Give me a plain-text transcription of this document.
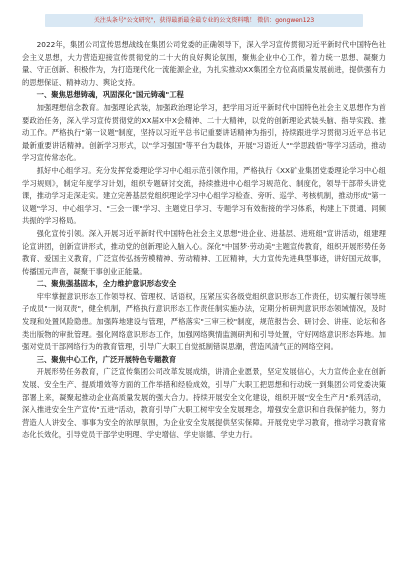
关注头条号"公文研究"，获得最新最全最专业的公文资料哦！ 微信：gongwen123

2022年，集团公司宣传思想战线在集团公司党委的正确领导下，深入学习宣传贯彻习近平新时代中国特色社会主义思想，大力营造迎接宣传贯彻党的二十大的良好舆论氛围，聚焦企业中心工作，着力统一思想、凝聚力量、守正创新、积极作为，为打造现代化一流能源企业，为扎实推动XX集团全方位高质量发展前进，提供强有力的思想保证、精神动力、舆论支持。

一、聚焦思想铸魂，巩固深化"国元铸魂"工程

加强理想信念教育。加强理论武装，加强政治理论学习，把学用习近平新时代中国特色社会主义思想作为首要政治任务，深入学习宣传贯彻党的XX届X中X会精神、二十大精神，以党的创新理论武装头脑、指导实践、推动工作。严格执行"第一议题"制度，坚持以习近平总书记重要讲话精神为指引，持续跟进学习贯彻习近平总书记最新重要讲话精神。创新学习形式，以"学习强国"等平台为载体，开展"习语近人""学思践悟"等学习活动，推动学习宣传常态化。

抓好中心组学习。充分发挥党委理论学习中心组示范引领作用，严格执行《XX矿业集团党委理论学习中心组学习规则》，制定年度学习计划，组织专题研讨交流，持续推进中心组学习规范化、制度化，领导干部带头讲党课，推动学习走深走实。建立完善基层党组织理论学习中心组学习检查、旁听、巡学、考核机制，推动形成"第一议题"学习、中心组学习、"三会一课"学习、主题党日学习、专题学习有效衔接的学习体系，构建上下贯通、同频共振的学习格局。

强化宣传引领。深入开展习近平新时代中国特色社会主义思想"进企业、进基层、进班组"宣讲活动，组建理论宣讲团，创新宣讲形式，推动党的创新理论入脑入心。深化"中国梦·劳动美"主题宣传教育，组织开展形势任务教育、爱国主义教育，广泛宣传弘扬劳模精神、劳动精神、工匠精神，大力宣传先进典型事迹，讲好国元故事，传播国元声音，凝聚干事创业正能量。

二、聚焦强基固本，全力维护意识形态安全

牢牢掌握意识形态工作领导权、管理权、话语权，压紧压实各级党组织意识形态工作责任，切实履行领导班子成员"一岗双责"，健全机制，严格执行意识形态工作责任制实施办法，定期分析研判意识形态领域情况，及时发现和处置风险隐患。加强阵地建设与管理，严格落实"三审三校"制度，规范报告会、研讨会、讲座、论坛和各类出版物的审批管理。强化网络意识形态工作，加强网络舆情监测研判和引导处置，守好网络意识形态阵地。加强对党员干部网络行为的教育管理，引导广大职工自觉抵制错误思潮，营造风清气正的网络空间。

三、聚焦中心工作，广泛开展特色专题教育

开展形势任务教育，广泛宣传集团公司改革发展成绩，讲清企业愿景，坚定发展信心，大力宣传企业在创新发展、安全生产、提质增效等方面的工作举措和经验成效，引导广大职工把思想和行动统一到集团公司党委决策部署上来，凝聚起推动企业高质量发展的强大合力。持续开展安全文化建设，组织开展"安全生产月"系列活动，深入推进安全生产宣传"五进"活动，教育引导广大职工树牢安全发展理念，增强安全意识和自我保护能力，努力营造人人讲安全、事事为安全的浓厚氛围，为企业安全发展提供坚实保障。开展党史学习教育，推动学习教育常态化长效化，引导党员干部学史明理、学史增信、学史崇德、学史力行。
